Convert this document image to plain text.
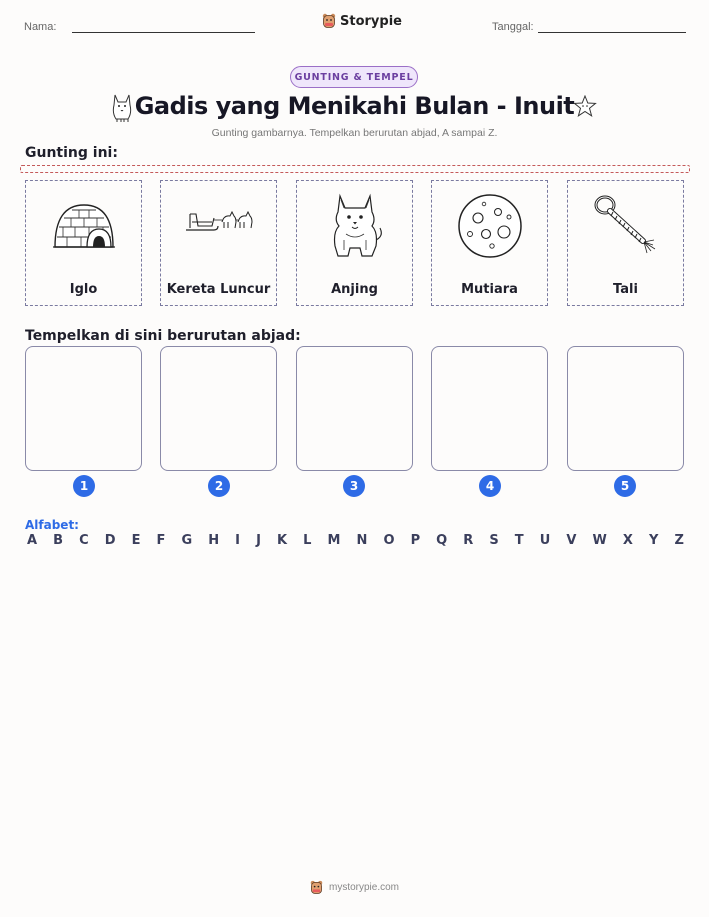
Nama:	Storypie	Tanggal:
GUNTING & TEMPEL
Gadis yang Menikahi Bulan - Inuit
Gunting gambarnya. Tempelkan berurutan abjad, A sampai Z.
Gunting ini:
Iglo	Kereta Luncur	Anjing	Mutiara	Tali
Tempelkan di sini berurutan abjad:
1	2	3	4	5
Alfabet:
A B C D E F G H I J K L M N O P Q R S T U V W X Y Z
mystorypie.com
